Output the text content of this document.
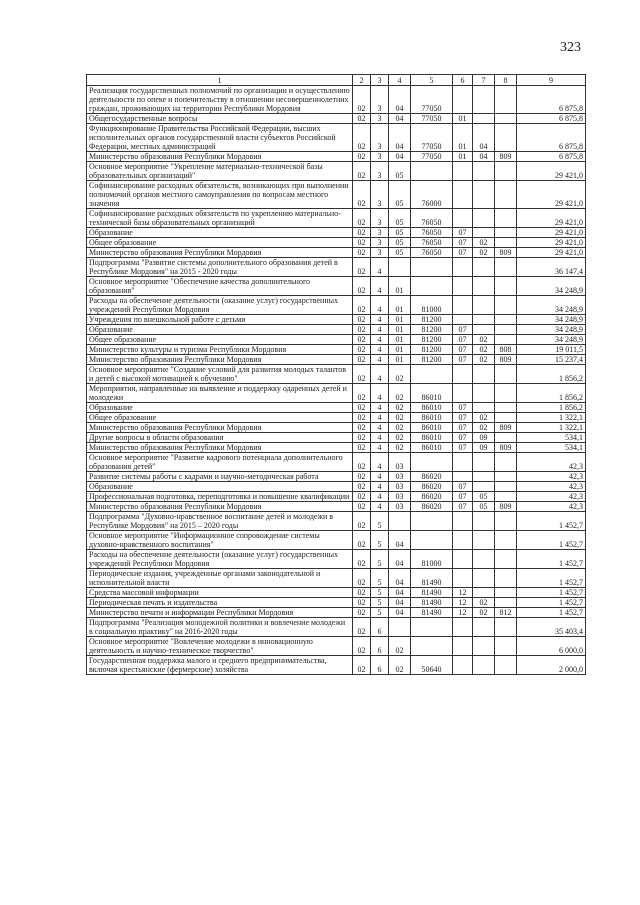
323
1	2	3	4	5	6	7	8	9
Реализация государственных полномочий по организации и осуществлению деятельности по опеке и попечительству в отношении несовершеннолетних граждан, проживающих на территории Республики Мордовия	02	3	04	77050				6 875,8
Общегосударственные вопросы	02	3	04	77050	01			6 875,8
Функционирование Правительства Российской Федерации, высших исполнительных органов государственной власти субъектов Российской Федерации, местных администраций	02	3	04	77050	01	04		6 875,8
Министерство образования Республики Мордовия	02	3	04	77050	01	04	809	6 875,8
Основное мероприятие "Укрепление материально-технической базы образовательных организаций"	02	3	05					29 421,0
Софинансирование расходных обязательств, возникающих при выполнении полномочий органов местного самоуправления по вопросам местного значения	02	3	05	76000				29 421,0
Софинансирование расходных обязательств по укреплению материально-технической базы образовательных организаций	02	3	05	76050				29 421,0
Образование	02	3	05	76050	07			29 421,0
Общее образование	02	3	05	76050	07	02		29 421,0
Министерство образования Республики Мордовия	02	3	05	76050	07	02	809	29 421,0
Подпрограмма "Развитие системы дополнительного образования детей в Республике Мордовия" на 2015 - 2020 годы	02	4						36 147,4
Основное мероприятие "Обеспечение качества дополнительного образования"	02	4	01					34 248,9
Расходы на обеспечение деятельности (оказание услуг) государственных учреждений Республики Мордовия	02	4	01	81000				34 248,9
Учреждения по внешкольной работе с детьми	02	4	01	81200				34 248,9
Образование	02	4	01	81200	07			34 248,9
Общее образование	02	4	01	81200	07	02		34 248,9
Министерство культуры и туризма Республики Мордовия	02	4	01	81200	07	02	808	19 011,5
Министерство образования Республики Мордовия	02	4	01	81200	07	02	809	15 237,4
Основное мероприятие "Создание условий для развития молодых талантов и детей с высокой мотивацией к обучению"	02	4	02					1 856,2
Мероприятия, направленные на выявление и поддержку одаренных детей и молодежи	02	4	02	86010				1 856,2
Образование	02	4	02	86010	07			1 856,2
Общее образование	02	4	02	86010	07	02		1 322,1
Министерство образования Республики Мордовия	02	4	02	86010	07	02	809	1 322,1
Другие вопросы в области образования	02	4	02	86010	07	09		534,1
Министерство образования Республики Мордовия	02	4	02	86010	07	09	809	534,1
Основное мероприятие "Развитие кадрового потенциала дополнительного образования детей"	02	4	03					42,3
Развитие системы работы с кадрами и научно-методическая работа	02	4	03	86020				42,3
Образование	02	4	03	86020	07			42,3
Профессиональная подготовка, переподготовка и повышение квалификации	02	4	03	86020	07	05		42,3
Министерство образования Республики Мордовия	02	4	03	86020	07	05	809	42,3
Подпрограмма "Духовно-нравственное воспитание детей и молодежи в Республике Мордовия" на 2015 – 2020 годы	02	5						1 452,7
Основное мероприятие "Информационное сопровождение системы духовно-нравственного воспитания"	02	5	04					1 452,7
Расходы на обеспечение деятельности (оказание услуг) государственных учреждений Республики Мордовия	02	5	04	81000				1 452,7
Периодические издания, учрежденные органами законодательной и исполнительной власти	02	5	04	81490				1 452,7
Средства массовой информации	02	5	04	81490	12			1 452,7
Периодическая печать и издательства	02	5	04	81490	12	02		1 452,7
Министерство печати и информации Республики Мордовия	02	5	04	81490	12	02	812	1 452,7
Подпрограмма "Реализация молодежной политики и вовлечение молодежи в социальную практику" на 2016-2020 годы	02	6						35 403,4
Основное мероприятие "Вовлечение молодежи в инновационную деятельность и научно-техническое творчество"	02	6	02					6 000,0
Государственная поддержка малого и среднего предпринимательства, включая крестьянские (фермерские) хозяйства	02	6	02	50640				2 000,0
